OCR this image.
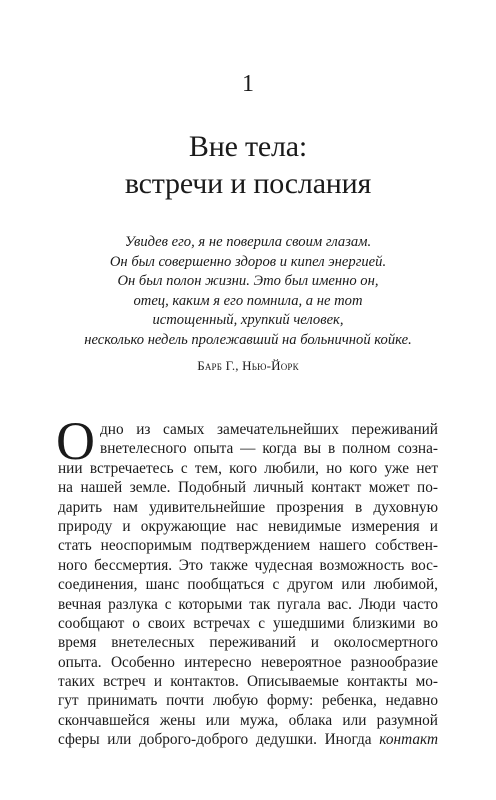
1
Вне тела:
встречи и послания
Увидев его, я не поверила своим глазам.
Он был совершенно здоров и кипел энергией.
Он был полон жизни. Это был именно он,
отец, каким я его помнила, а не тот
истощенный, хрупкий человек,
несколько недель пролежавший на больничной койке.
Барб Г., Нью-Йорк
О дно из самых замечательнейших переживаний
внетелесного опыта — когда вы в полном созна-
нии встречаетесь с тем, кого любили, но кого уже нет
на нашей земле. Подобный личный контакт может по-
дарить нам удивительнейшие прозрения в духовную
природу и окружающие нас невидимые измерения и
стать неоспоримым подтверждением нашего собствен-
ного бессмертия. Это также чудесная возможность вос-
соединения, шанс пообщаться с другом или любимой,
вечная разлука с которыми так пугала вас. Люди часто
сообщают о своих встречах с ушедшими близкими во
время внетелесных переживаний и околосмертного
опыта. Особенно интересно невероятное разнообразие
таких встреч и контактов. Описываемые контакты мо-
гут принимать почти любую форму: ребенка, недавно
скончавшейся жены или мужа, облака или разумной
сферы или доброго-доброго дедушки. Иногда контакт
